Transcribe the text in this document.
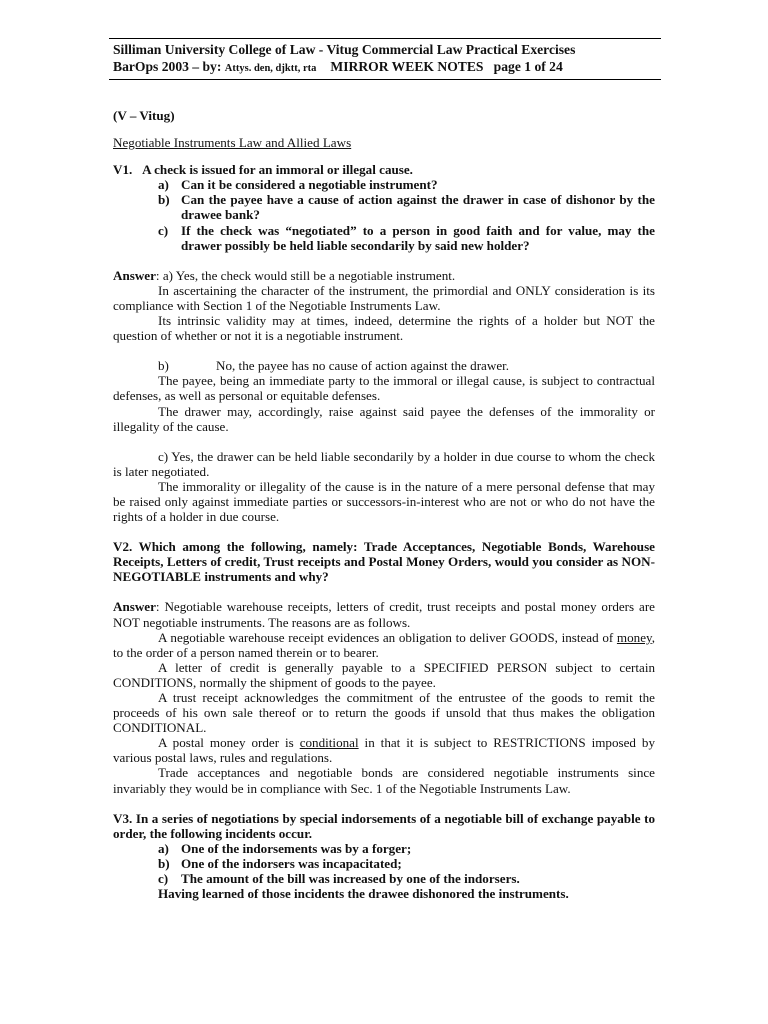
Silliman University College of Law - Vitug Commercial Law Practical Exercises
BarOps 2003 – by: Attys. den, djktt, rta MIRROR WEEK NOTES page 1 of 24

(V – Vitug)

Negotiable Instruments Law and Allied Laws

V1. A check is issued for an immoral or illegal cause.

a) Can it be considered a negotiable instrument?
b) Can the payee have a cause of action against the drawer in case of dishonor by the drawee bank?
c) If the check was “negotiated” to a person in good faith and for value, may the drawer possibly be held liable secondarily by said new holder?

Answer: a) Yes, the check would still be a negotiable instrument.

In ascertaining the character of the instrument, the primordial and ONLY consideration is its compliance with Section 1 of the Negotiable Instruments Law.

Its intrinsic validity may at times, indeed, determine the rights of a holder but NOT the question of whether or not it is a negotiable instrument.

b)	No, the payee has no cause of action against the drawer.

The payee, being an immediate party to the immoral or illegal cause, is subject to contractual defenses, as well as personal or equitable defenses.

The drawer may, accordingly, raise against said payee the defenses of the immorality or illegality of the cause.

c) Yes, the drawer can be held liable secondarily by a holder in due course to whom the check is later negotiated.

The immorality or illegality of the cause is in the nature of a mere personal defense that may be raised only against immediate parties or successors-in-interest who are not or who do not have the rights of a holder in due course.

V2. Which among the following, namely: Trade Acceptances, Negotiable Bonds, Warehouse Receipts, Letters of credit, Trust receipts and Postal Money Orders, would you consider as NON-NEGOTIABLE instruments and why?

Answer: Negotiable warehouse receipts, letters of credit, trust receipts and postal money orders are NOT negotiable instruments. The reasons are as follows.

A negotiable warehouse receipt evidences an obligation to deliver GOODS, instead of money, to the order of a person named therein or to bearer.

A letter of credit is generally payable to a SPECIFIED PERSON subject to certain CONDITIONS, normally the shipment of goods to the payee.

A trust receipt acknowledges the commitment of the entrustee of the goods to remit the proceeds of his own sale thereof or to return the goods if unsold that thus makes the obligation CONDITIONAL.

A postal money order is conditional in that it is subject to RESTRICTIONS imposed by various postal laws, rules and regulations.

Trade acceptances and negotiable bonds are considered negotiable instruments since invariably they would be in compliance with Sec. 1 of the Negotiable Instruments Law.

V3. In a series of negotiations by special indorsements of a negotiable bill of exchange payable to order, the following incidents occur.

a) One of the indorsements was by a forger;
b) One of the indorsers was incapacitated;
c) The amount of the bill was increased by one of the indorsers.

Having learned of those incidents the drawee dishonored the instruments.
